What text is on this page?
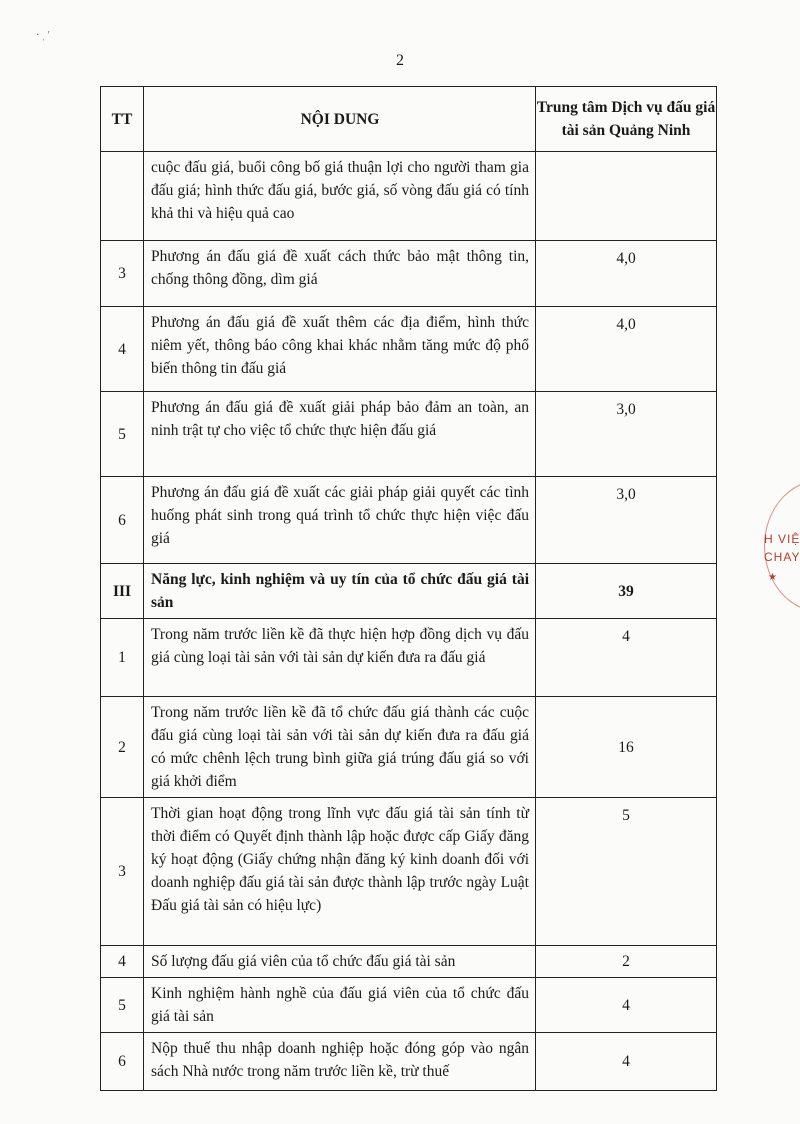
· ˌ ′
2
TT	NỘI DUNG	Trung tâm Dịch vụ đấu giá tài sản Quảng Ninh
	cuộc đấu giá, buổi công bố giá thuận lợi cho người tham gia đấu giá; hình thức đấu giá, bước giá, số vòng đấu giá có tính khả thi và hiệu quả cao	
3	Phương án đấu giá đề xuất cách thức bảo mật thông tin, chống thông đồng, dìm giá	4,0
4	Phương án đấu giá đề xuất thêm các địa điểm, hình thức niêm yết, thông báo công khai khác nhằm tăng mức độ phổ biến thông tin đấu giá	4,0
5	Phương án đấu giá đề xuất giải pháp bảo đảm an toàn, an ninh trật tự cho việc tổ chức thực hiện đấu giá	3,0
6	Phương án đấu giá đề xuất các giải pháp giải quyết các tình huống phát sinh trong quá trình tổ chức thực hiện việc đấu giá	3,0
III	Năng lực, kinh nghiệm và uy tín của tổ chức đấu giá tài sản	39
1	Trong năm trước liền kề đã thực hiện hợp đồng dịch vụ đấu giá cùng loại tài sản với tài sản dự kiến đưa ra đấu giá	4
2	Trong năm trước liền kề đã tổ chức đấu giá thành các cuộc đấu giá cùng loại tài sản với tài sản dự kiến đưa ra đấu giá có mức chênh lệch trung bình giữa giá trúng đấu giá so với giá khởi điểm	16
3	Thời gian hoạt động trong lĩnh vực đấu giá tài sản tính từ thời điểm có Quyết định thành lập hoặc được cấp Giấy đăng ký hoạt động (Giấy chứng nhận đăng ký kinh doanh đối với doanh nghiệp đấu giá tài sản được thành lập trước ngày Luật Đấu giá tài sản có hiệu lực)	5
4	Số lượng đấu giá viên của tổ chức đấu giá tài sản	2
5	Kinh nghiệm hành nghề của đấu giá viên của tổ chức đấu giá tài sản	4
6	Nộp thuế thu nhập doanh nghiệp hoặc đóng góp vào ngân sách Nhà nước trong năm trước liền kề, trừ thuế	4
H VIỆ
CHAY
★
